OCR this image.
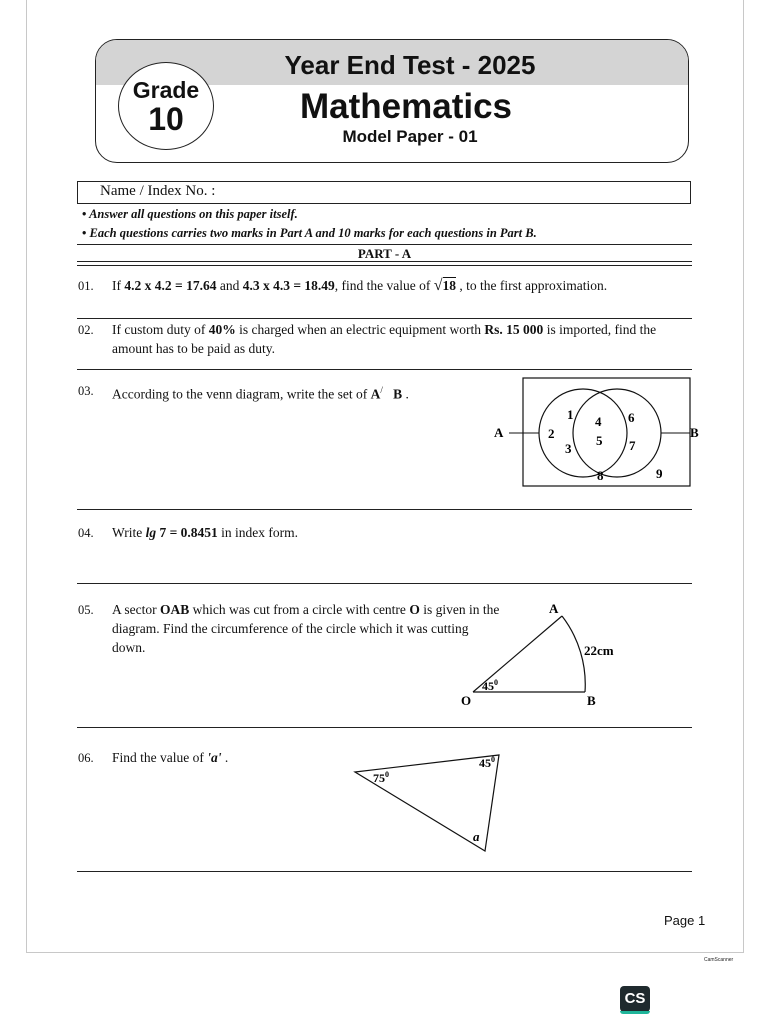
Year End Test - 2025
Mathematics
Model Paper - 01
Grade
10
Name / Index No. :
• Answer all questions on this paper itself.
• Each questions carries two marks in Part A and 10 marks for each questions in Part B.
PART - A
01. If 4.2 x 4.2 = 17.64 and 4.3 x 4.3 = 18.49, find the value of √18 , to the first approximation.
02. If custom duty of 40% is charged when an electric equipment worth Rs. 15 000 is imported, find the
amount has to be paid as duty.
03. According to the venn diagram, write the set of A/ B .
A	B
1
2
3
4
5
6
7
8	9
04. Write lg 7 = 0.8451 in index form.
05. A sector OAB which was cut from a circle with centre O is given in the
diagram. Find the circumference of the circle which it was cutting
down.
A
B
O
$45^0$
22cm
06. Find the value of 'a' .
$75^0$
$45^0$
a
Page 1
CamScanner
CS
